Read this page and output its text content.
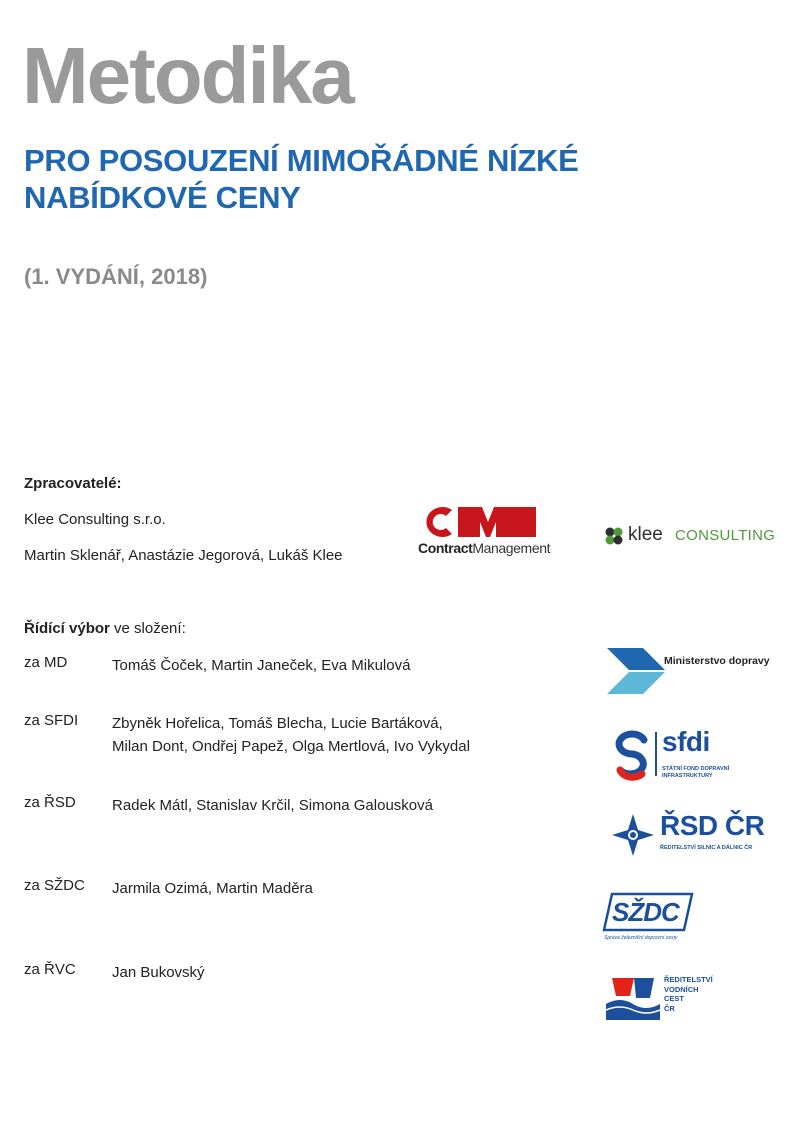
Metodika
PRO POSOUZENÍ MIMOŘÁDNÉ NÍZKÉ
NABÍDKOVÉ CENY
(1. VYDÁNÍ, 2018)
Zpracovatelé:
Klee Consulting s.r.o.
Martin Sklenář, Anastázie Jegorová, Lukáš Klee	ContractManagement
klee CONSULTING
Řídící výbor ve složení:
za MD	Tomáš Čoček, Martin Janeček, Eva Mikulová
za SFDI Zbyněk Hořelica, Tomáš Blecha, Lucie Bartáková,
Milan Dont, Ondřej Papež, Olga Mertlová, Ivo Vykydal
za ŘSD Radek Mátl, Stanislav Krčil, Simona Galousková
za SŽDC Jarmila Ozimá, Martin Maděra
za ŘVC Jan Bukovský
Ministerstvo dopravy
sfdi
STÁTNÍ FOND DOPRAVNÍ
INFRASTRUKTURY
ŘSD ČR
ŘEDITELSTVÍ SILNIC A DÁLNIC ČR
SŽDC
Správa železniční dopravní cesty
ŘEDITELSTVÍ
VODNÍCH
CEST
ČR
